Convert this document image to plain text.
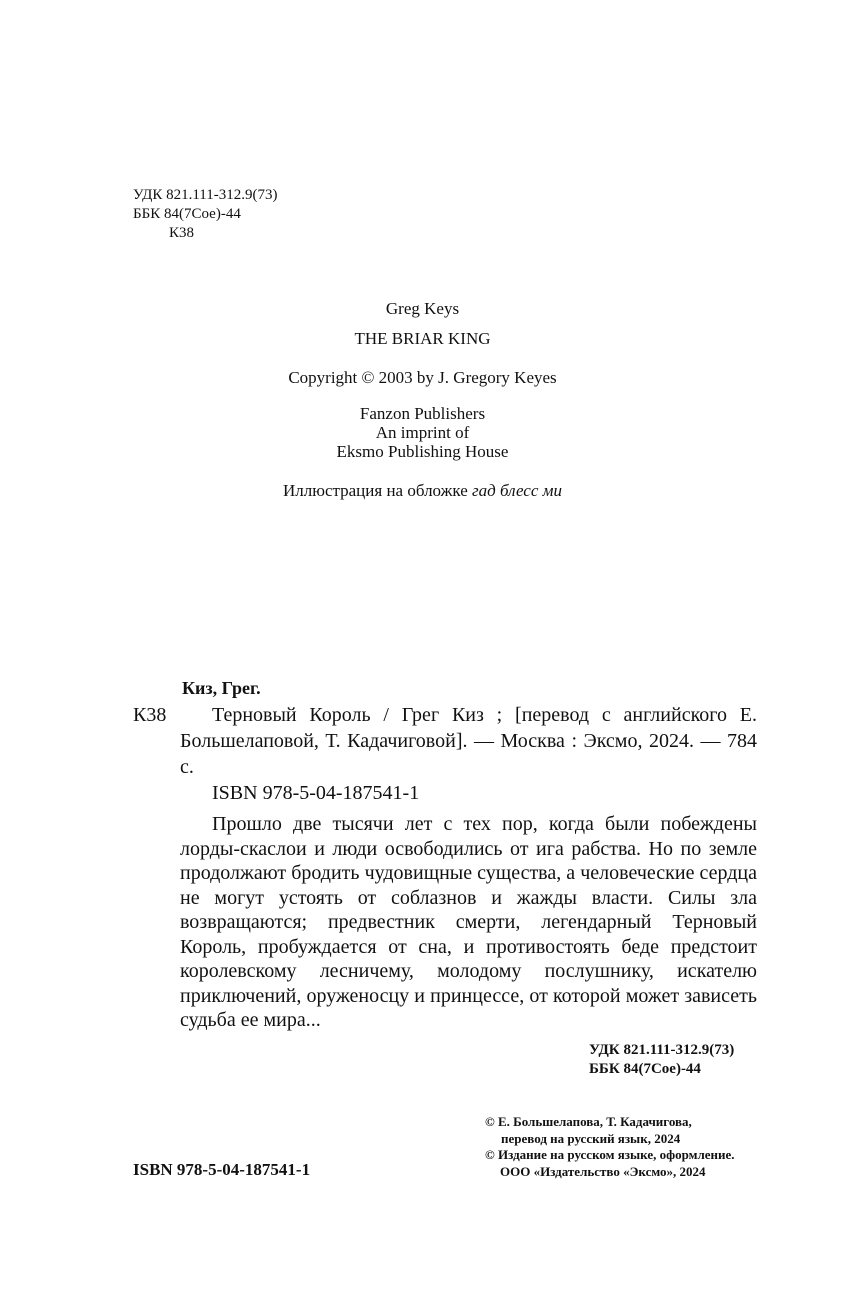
УДК 821.111-312.9(73)
ББК 84(7Сое)-44
К38
Greg Keys
THE BRIAR KING
Copyright © 2003 by J. Gregory Keyes
Fanzon Publishers
An imprint of
Eksmo Publishing House
Иллюстрация на обложке гад блесс ми
Киз, Грег.
К38	Терновый Король / Грег Киз ; [перевод с английского Е. Большелаповой, Т. Кадачиговой]. — Москва : Эксмо, 2024. — 784 с.
ISBN 978-5-04-187541-1
Прошло две тысячи лет с тех пор, когда были побеждены лорды-скаслои и люди освободились от ига рабства. Но по земле продолжают бродить чудовищные существа, а человеческие сердца не могут устоять от соблазнов и жажды власти. Силы зла возвращаются; предвестник смерти, легендарный Терновый Король, пробуждается от сна, и противостоять беде предстоит королевскому лесничему, молодому послушнику, искателю приключений, оруженосцу и принцессе, от которой может зависеть судьба ее мира...
УДК 821.111-312.9(73)
ББК 84(7Сое)-44
© Е. Большелапова, Т. Кадачигова,
перевод на русский язык, 2024
© Издание на русском языке, оформление.
ООО «Издательство «Эксмо», 2024
ISBN 978-5-04-187541-1
